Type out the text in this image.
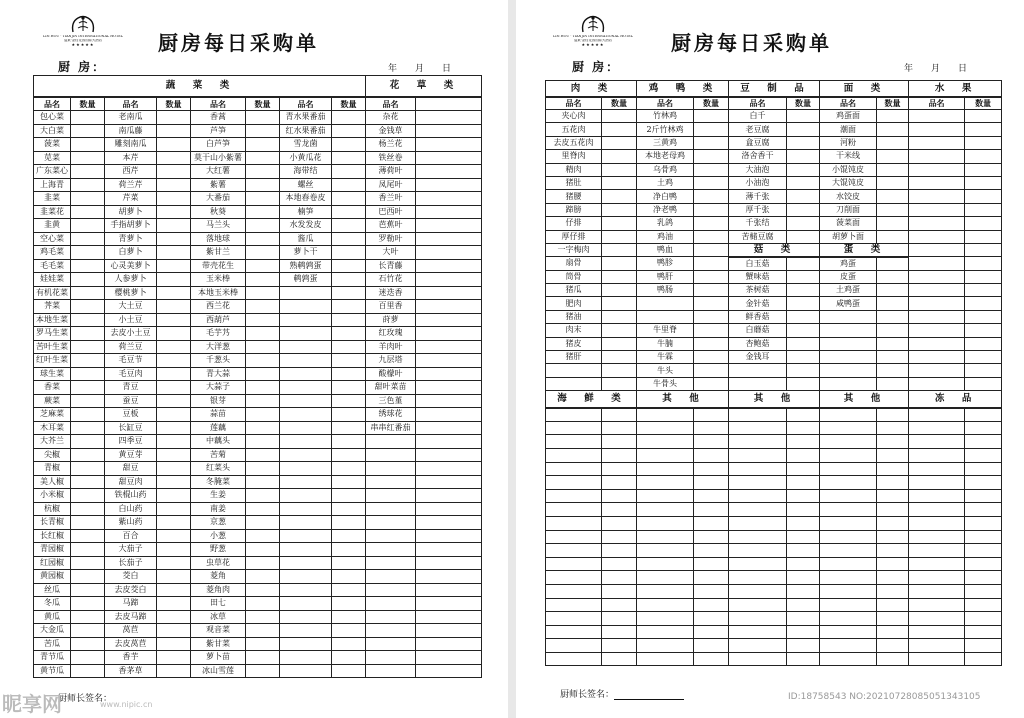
LIN HOU · TIANJIN INTERNATIONAL HOTEL
蓬莱·金桂花园国际大酒店
★★★★★	厨房每日采购单
厨 房：	年　　月　　日
蔬　菜　类								花　草　类	
品名	数量	品名	数量	品名	数量	品名	数量	品名	
包心菜		老南瓜		香蒿		青水果番茄		杂花	
大白菜		南瓜藤		芦笋		红水果番茄		金钱草	
菠菜		雕刻南瓜		白芦笋		雪龙菌		杨兰花	
苋菜		本芹		莫干山小紫薯		小黄瓜花		铁丝卷	
广东菜心		西芹		大红薯		海带结		薄荷叶	
上海青		荷兰芹		紫薯		螺丝		凤尾叶	
韭菜		芹菜		大番茄		本地春卷皮		香兰叶	
韭菜花		胡萝卜		秋葵		楠笋		巴西叶	
韭黄		手指胡萝卜		马兰头		水发发皮		芭蕉叶	
空心菜		青萝卜		落地球		酱瓜		罗勒叶	
鸡毛菜		白萝卜		紫甘兰		萝卜干		大叶	
毛毛菜		心灵美萝卜		带壳花生		熟鹌鹑蛋		长青藤	
娃娃菜		人参萝卜		玉米棒		鹌鹑蛋		石竹花	
有机花菜		樱桃萝卜		本地玉米棒				迷迭香	
荠菜		大土豆		西兰花				百里香	
本地生菜		小土豆		西葫芦				莳萝	
罗马生菜		去皮小土豆		毛芋艿				红玫瑰	
苦叶生菜		荷兰豆		大洋葱				羊肉叶	
红叶生菜		毛豆节		千葱头				九层塔	
球生菜		毛豆肉		青大蒜				酸檬叶	
香菜		青豆		大蒜子				甜叶菜苗	
蕨菜		蚕豆		银芽				三色堇	
芝麻菜		豆板		蒜苗				绣球花	
木耳菜		长缸豆		莲藕				串串红番茄	
大芥兰		四季豆		中藕头					
尖椒		黄豆芽		苦菊					
青椒		甜豆		红菜头					
美人椒		甜豆肉		冬腌菜					
小米椒		铁棍山药		生姜					
杭椒		白山药		南姜					
长青椒		紫山药		京葱					
长红椒		百合		小葱					
青园椒		大茄子		野葱					
红园椒		长茄子		虫草花					
黄园椒		茭白		菱角					
丝瓜		去皮茭白		菱角肉					
冬瓜		马蹄		田七					
黄瓜		去皮马蹄		冰草					
大金瓜		莴苣		观音菜					
苦瓜		去皮莴苣		紫甘菜					
青节瓜		香芋		萝卜苗					
黄节瓜		香茅草		冰山雪莲					
厨师长签名：
昵享网	www.nipic.cn
LIN HOU · TIANJIN INTERNATIONAL HOTEL
蓬莱·金桂花园国际大酒店
★★★★★	厨房每日采购单
厨 房：	年　　月　　日
肉　类		鸡　鸭　类		豆　制　品		面　类		水　果	
品名	数量	品名	数量	品名	数量	品名	数量	品名	数量
夹心肉		竹林鸡		白千		鸡蛋面			
五花肉		2斤竹林鸡		老豆腐		潮面			
去皮五花肉		三黄鸡		盒豆腐		河粉			
里脊肉		本地老母鸡		洛舍香干		干米线			
精肉		乌骨鸡		大油泡		小馄饨皮			
猪肚		土鸡		小油泡		大馄饨皮			
猪腰		净白鸭		薄千张		水饺皮			
蹄膀		净老鸭		厚千张		刀削面			
仔排		乳鸽		千张结		菠菜面			
厚仔排		鸡油		苦槠豆腐		胡萝卜面			
一字梅肉		鸭血		菇　类		蛋　类			
扇骨		鸭胗		白玉菇		鸡蛋			
筒骨		鸭肝		蟹味菇		皮蛋			
猪瓜		鸭肠		茶树菇		土鸡蛋			
肥肉				金针菇		咸鸭蛋			
猪油				鲜香菇					
肉末		牛里脊		白蘑菇					
猪皮		牛腩		杏鲍菇					
猪肝		牛霖		金钱耳					
		牛头							
		牛骨头							
海　鲜　类		其　他		其　他		其　他		冻　品	

厨师长签名：	ID:18758543 NO:20210728085051343105
